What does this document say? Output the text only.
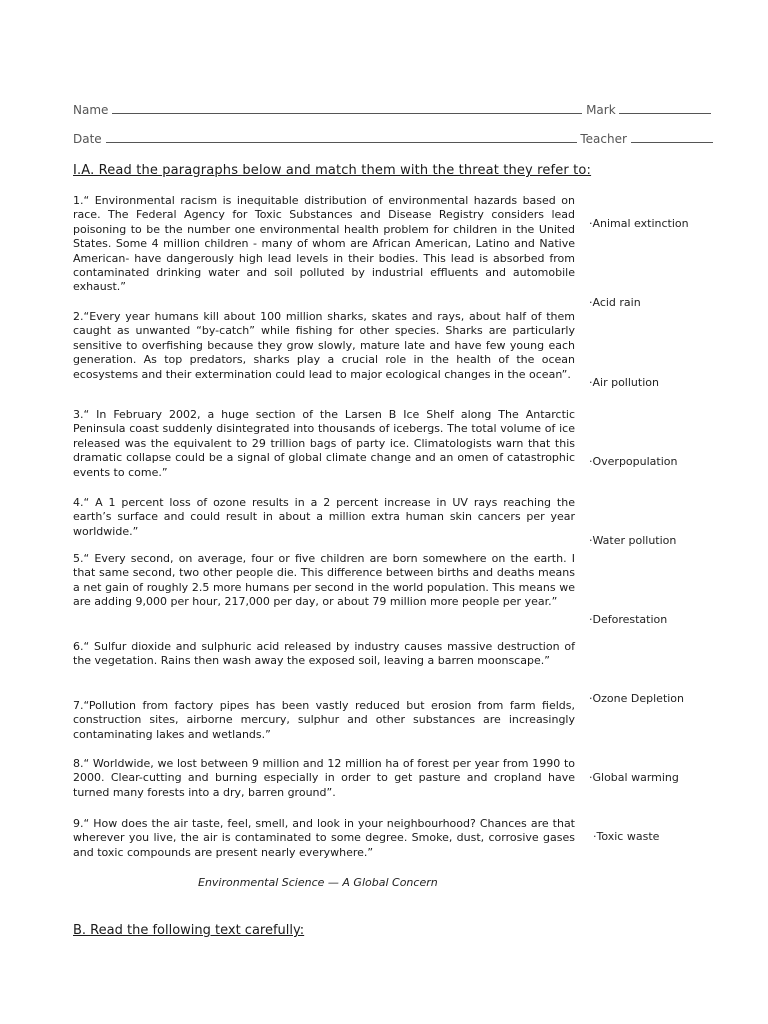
Name	Mark
Date	Teacher
I.A. Read the paragraphs below and match them with the threat they refer to:

1.“ Environmental racism is inequitable distribution of environmental hazards based on race. The Federal Agency for Toxic Substances and Disease Registry considers lead poisoning to be the number one environmental health problem for children in the United States. Some 4 million children - many of whom are African American, Latino and Native American- have dangerously high lead levels in their bodies. This lead is absorbed from contaminated drinking water and soil polluted by industrial effluents and automobile exhaust.”

2.“Every year humans kill about 100 million sharks, skates and rays, about half of them caught as unwanted “by-catch” while fishing for other species. Sharks are particularly sensitive to overfishing because they grow slowly, mature late and have few young each generation. As top predators, sharks play a crucial role in the health of the ocean ecosystems and their extermination could lead to major ecological changes in the ocean”.

3.“ In February 2002, a huge section of the Larsen B Ice Shelf along The Antarctic Peninsula coast suddenly disintegrated into thousands of icebergs. The total volume of ice released was the equivalent to 29 trillion bags of party ice. Climatologists warn that this dramatic collapse could be a signal of global climate change and an omen of catastrophic events to come.”

4.“ A 1 percent loss of ozone results in a 2 percent increase in UV rays reaching the earth’s surface and could result in about a million extra human skin cancers per year worldwide.”

5.“ Every second, on average, four or five children are born somewhere on the earth. I that same second, two other people die. This difference between births and deaths means a net gain of roughly 2.5 more humans per second in the world population. This means we are adding 9,000 per hour, 217,000 per day, or about 79 million more people per year.”

6.“ Sulfur dioxide and sulphuric acid released by industry causes massive destruction of the vegetation. Rains then wash away the exposed soil, leaving a barren moonscape.”

7.“Pollution from factory pipes has been vastly reduced but erosion from farm fields, construction sites, airborne mercury, sulphur and other substances are increasingly contaminating lakes and wetlands.”

8.“ Worldwide, we lost between 9 million and 12 million ha of forest per year from 1990 to 2000. Clear-cutting and burning especially in order to get pasture and cropland have turned many forests into a dry, barren ground”.

9.“ How does the air taste, feel, smell, and look in your neighbourhood? Chances are that wherever you live, the air is contaminated to some degree. Smoke, dust, corrosive gases and toxic compounds are present nearly everywhere.”

·Animal extinction
·Acid rain
·Air pollution
·Overpopulation
·Water pollution
·Deforestation
·Ozone Depletion
·Global warming
·Toxic waste
Environmental Science — A Global Concern
B. Read the following text carefully:
